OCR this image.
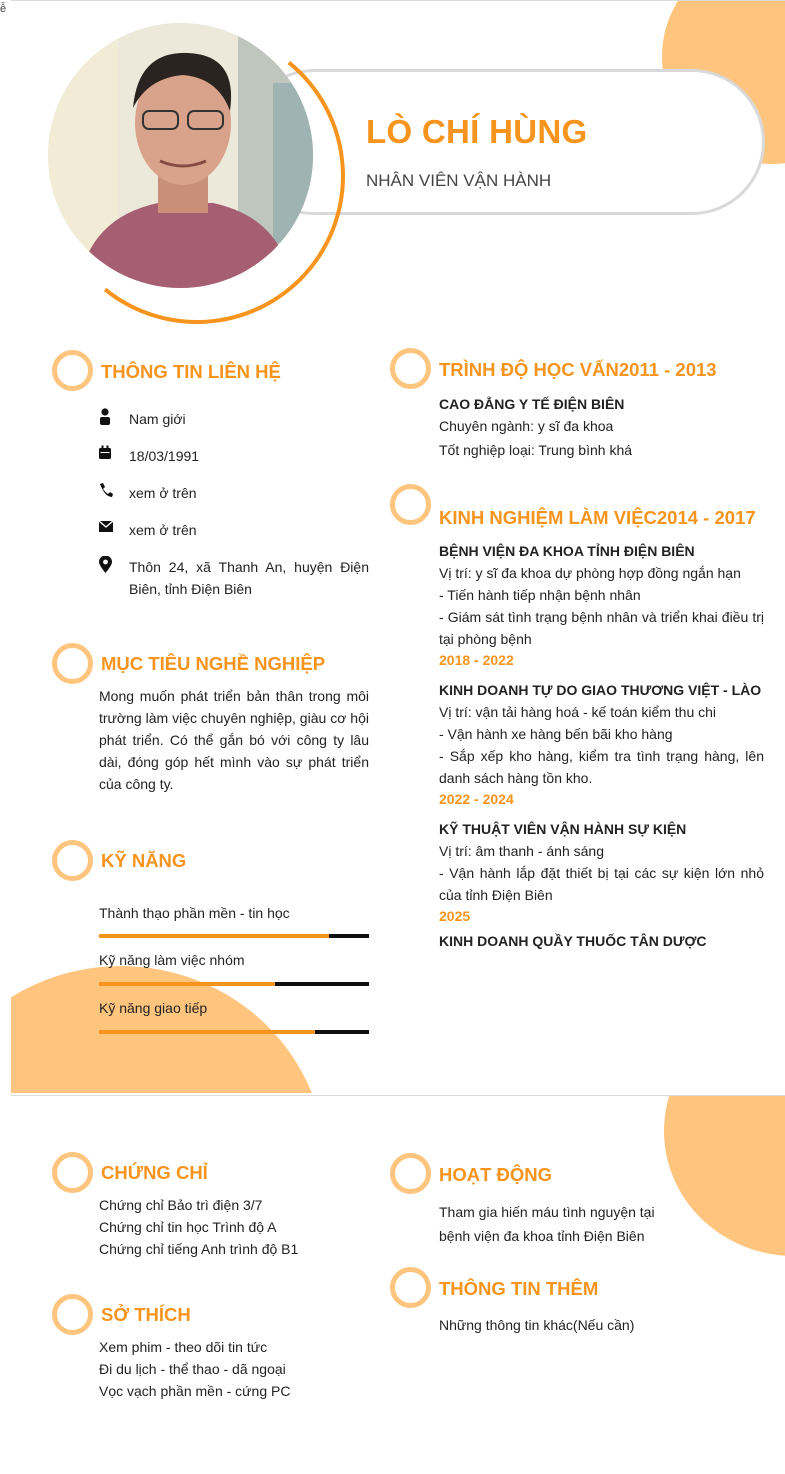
ễ
LÒ CHÍ HÙNG
NHÂN VIÊN VẬN HÀNH
THÔNG TIN LIÊN HỆ
Nam giới
18/03/1991
xem ở trên
xem ở trên
Thôn 24, xã Thanh An, huyện Điện Biên, tỉnh Điện Biên
MỤC TIÊU NGHỀ NGHIỆP
Mong muốn phát triển bản thân trong môi trường làm việc chuyên nghiệp, giàu cơ hội phát triển. Có thể gắn bó với công ty lâu dài, đóng góp hết mình vào sự phát triển của công ty.
KỸ NĂNG
Thành thạo phần mền - tin học
Kỹ năng làm việc nhóm
Kỹ năng giao tiếp
TRÌNH ĐỘ HỌC VẤN2011 - 2013
CAO ĐẲNG Y TẾ ĐIỆN BIÊN
Chuyên ngành: y sĩ đa khoa
Tốt nghiệp loại: Trung bình khá
KINH NGHIỆM LÀM VIỆC2014 - 2017
BỆNH VIỆN ĐA KHOA TỈNH ĐIỆN BIÊN
Vị trí: y sĩ đa khoa dự phòng hợp đồng ngắn hạn
- Tiến hành tiếp nhận bệnh nhân
- Giám sát tình trạng bệnh nhân và triển khai điều trị tại phòng bệnh
2018 - 2022
KINH DOANH TỰ DO GIAO THƯƠNG VIỆT - LÀO
Vị trí: vận tải hàng hoá - kế toán kiểm thu chi
- Vận hành xe hàng bến bãi kho hàng
- Sắp xếp kho hàng, kiểm tra tình trạng hàng, lên danh sách hàng tồn kho.
2022 - 2024
KỸ THUẬT VIÊN VẬN HÀNH SỰ KIỆN
Vị trí: âm thanh - ánh sáng
- Vận hành lắp đặt thiết bị tại các sự kiện lớn nhỏ của tỉnh Điện Biên
2025
KINH DOANH QUẦY THUỐC TÂN DƯỢC
CHỨNG CHỈ
Chứng chỉ Bảo trì điện 3/7
Chứng chỉ tin học Trình độ A
Chứng chỉ tiếng Anh trình độ B1
SỞ THÍCH
Xem phim - theo dõi tin tức
Đi du lịch - thể thao - dã ngoại
Vọc vạch phần mền - cứng PC
HOẠT ĐỘNG
Tham gia hiến máu tình nguyện tại bệnh viện đa khoa tỉnh Điện Biên
THÔNG TIN THÊM
Những thông tin khác(Nếu cần)
